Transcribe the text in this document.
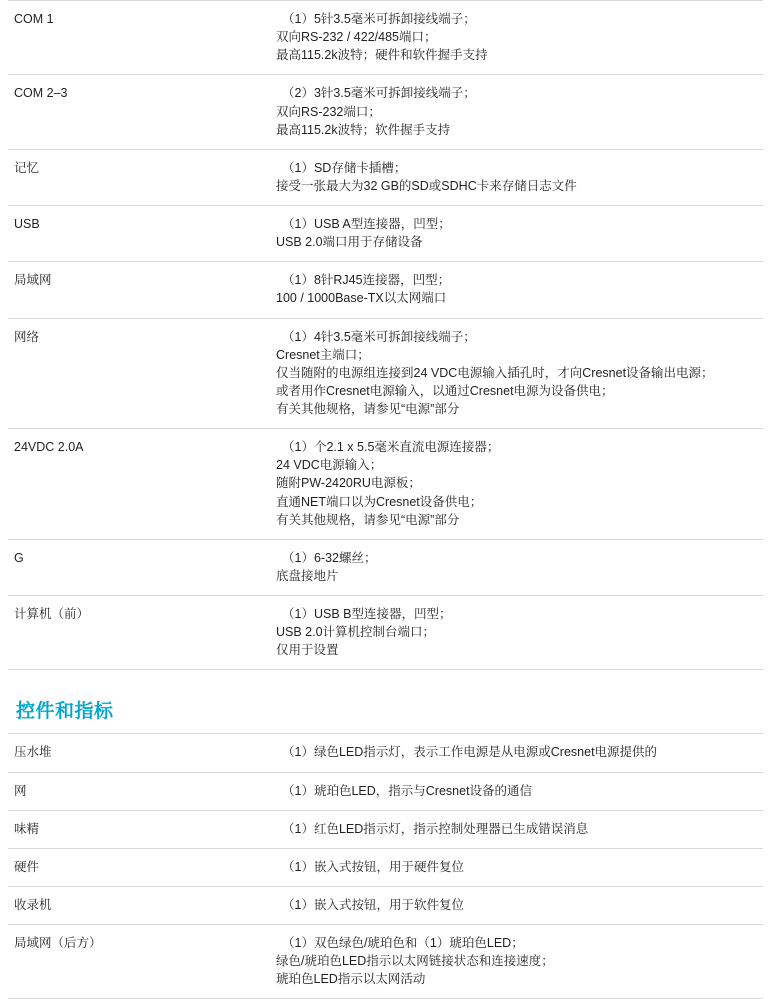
COM 1	（1）5针3.5毫米可拆卸接线端子；
双向RS-232 / 422/485端口；
最高115.2k波特；硬件和软件握手支持

COM 2–3	（2）3针3.5毫米可拆卸接线端子；
双向RS-232端口；
最高115.2k波特；软件握手支持

记忆	（1）SD存储卡插槽；
接受一张最大为32 GB的SD或SDHC卡来存储日志文件

USB	（1）USB A型连接器，凹型；
USB 2.0端口用于存储设备

局域网	（1）8针RJ45连接器，凹型；
100 / 1000Base-TX以太网端口

网络	（1）4针3.5毫米可拆卸接线端子；
Cresnet主端口；
仅当随附的电源组连接到24 VDC电源输入插孔时，才向Cresnet设备输出电源；
或者用作Cresnet电源输入，以通过Cresnet电源为设备供电；
有关其他规格，请参见“电源”部分

24VDC 2.0A	（1）个2.1 x 5.5毫米直流电源连接器；
24 VDC电源输入；
随附PW-2420RU电源板；
直通NET端口以为Cresnet设备供电；
有关其他规格，请参见“电源”部分

G	（1）6-32螺丝；
底盘接地片

计算机（前）	（1）USB B型连接器，凹型；
USB 2.0计算机控制台端口；
仅用于设置
控件和指标
压水堆	（1）绿色LED指示灯，表示工作电源是从电源或Cresnet电源提供的

网	（1）琥珀色LED，指示与Cresnet设备的通信

味精	（1）红色LED指示灯，指示控制处理器已生成错误消息

硬件	（1）嵌入式按钮，用于硬件复位

收录机	（1）嵌入式按钮，用于软件复位

局域网（后方）	（1）双色绿色/琥珀色和（1）琥珀色LED；
绿色/琥珀色LED指示以太网链接状态和连接速度；
琥珀色LED指示以太网活动
